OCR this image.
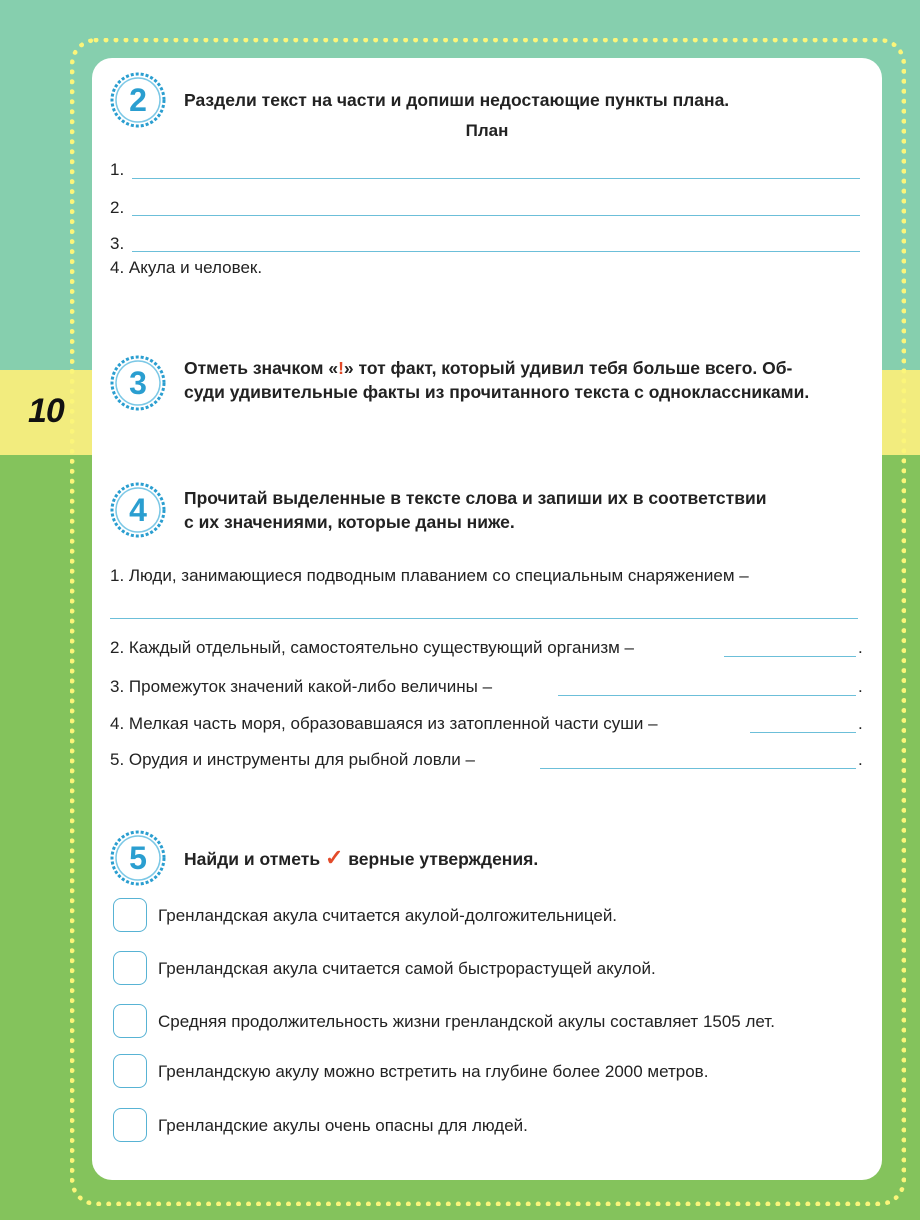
10
2	Раздели текст на части и допиши недостающие пункты плана.
План
1.
2.
3.
4. Акула и человек.
3	Отметь значком «!» тот факт, который удивил тебя больше всего. Об-
суди удивительные факты из прочитанного текста с одноклассниками.
4	Прочитай выделенные в тексте слова и запиши их в соответствии
с их значениями, которые даны ниже.
1. Люди, занимающиеся подводным плаванием со специальным снаряжением –
2. Каждый отдельный, самостоятельно существующий организм –	.
3. Промежуток значений какой-либо величины –	.
4. Мелкая часть моря, образовавшаяся из затопленной части суши –	.
5. Орудия и инструменты для рыбной ловли –	.
5	Найди и отметь ✓ верные утверждения.
Гренландская акула считается акулой-долгожительницей.
Гренландская акула считается самой быстрорастущей акулой.
Средняя продолжительность жизни гренландской акулы составляет 1505 лет.
Гренландскую акулу можно встретить на глубине более 2000 метров.
Гренландские акулы очень опасны для людей.
